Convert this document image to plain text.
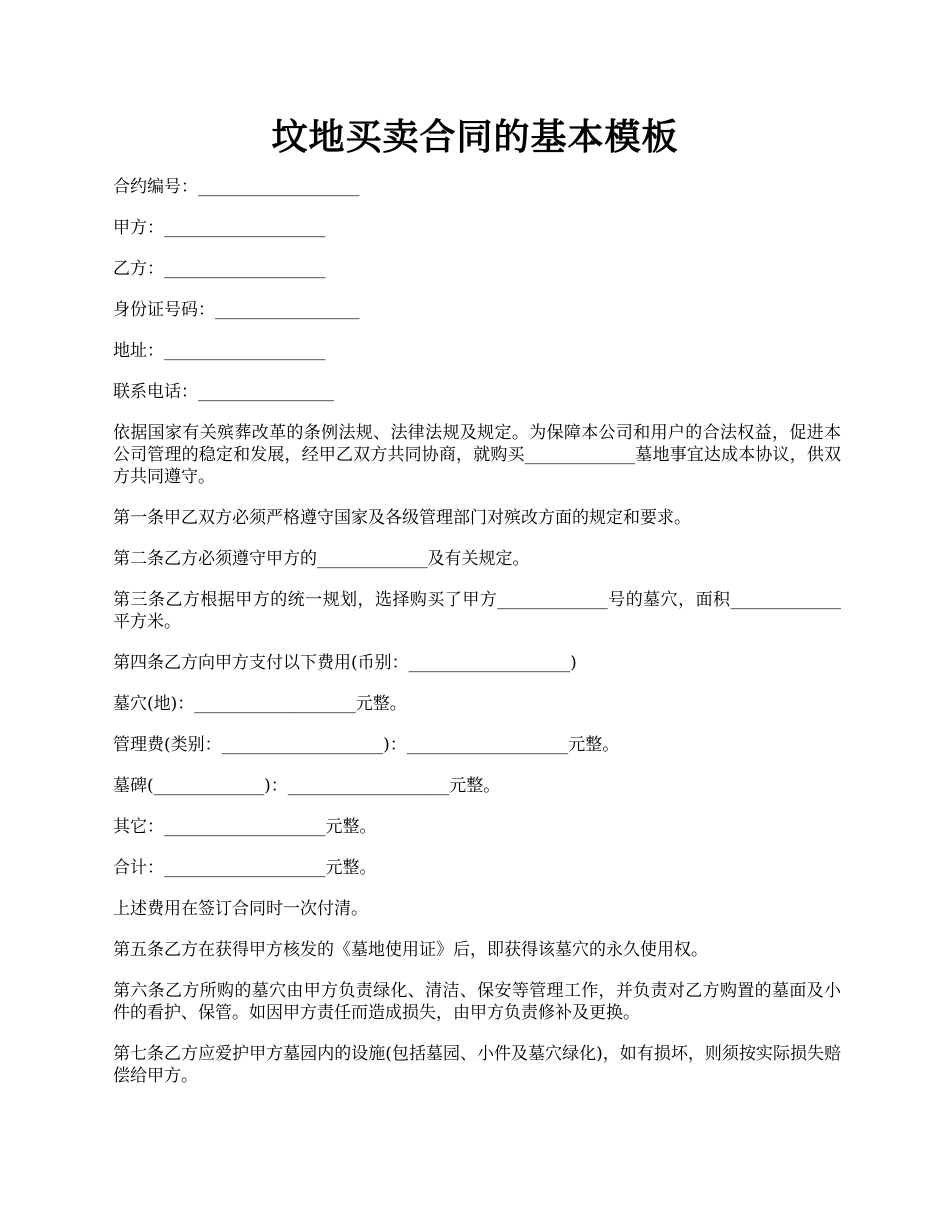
坟地买卖合同的基本模板

合约编号：___________________

甲方：___________________

乙方：___________________

身份证号码：_________________

地址：___________________

联系电话：________________

依据国家有关殡葬改革的条例法规、法律法规及规定。为保障本公司和用户的合法权益，促进本公司管理的稳定和发展，经甲乙双方共同协商，就购买_____________墓地事宜达成本协议，供双方共同遵守。

第一条甲乙双方必须严格遵守国家及各级管理部门对殡改方面的规定和要求。

第二条乙方必须遵守甲方的_____________及有关规定。

第三条乙方根据甲方的统一规划，选择购买了甲方_____________号的墓穴，面积_____________平方米。

第四条乙方向甲方支付以下费用(币别：___________________)

墓穴(地)：___________________元整。

管理费(类别：___________________)：___________________元整。

墓碑(_____________)：___________________元整。

其它：___________________元整。

合计：___________________元整。

上述费用在签订合同时一次付清。

第五条乙方在获得甲方核发的《墓地使用证》后，即获得该墓穴的永久使用权。

第六条乙方所购的墓穴由甲方负责绿化、清洁、保安等管理工作，并负责对乙方购置的墓面及小件的看护、保管。如因甲方责任而造成损失，由甲方负责修补及更换。

第七条乙方应爱护甲方墓园内的设施(包括墓园、小件及墓穴绿化)，如有损坏，则须按实际损失赔偿给甲方。
